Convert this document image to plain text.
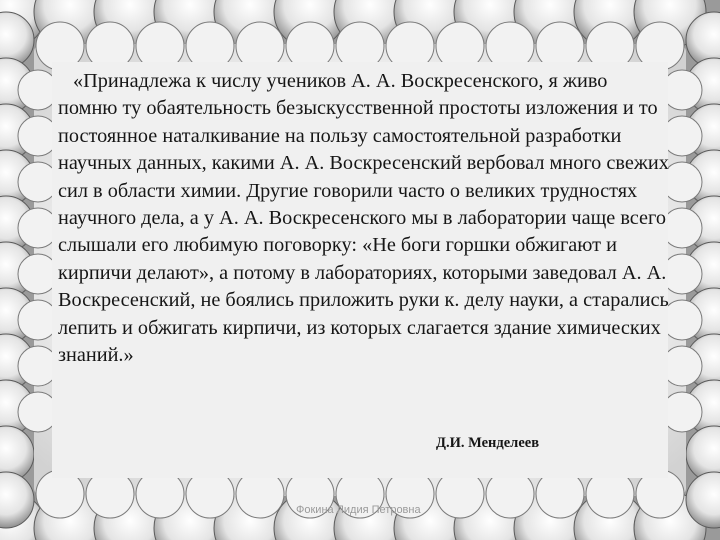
«Принадлежа к числу учеников А. А. Воскресенского, я живо помню ту обаятельность безыскусственной простоты изложения и то постоянное наталкивание на пользу самостоятельной разработки научных данных, какими А. А. Воскресенский вербовал много свежих сил в области химии. Другие говорили часто о великих трудностях научного дела, а у А. А. Воскресенского мы в лаборатории чаще всего слышали его любимую поговорку: «Не боги горшки обжигают и кирпичи делают», а потому в лабораториях, которыми заведовал А. А. Воскресенский, не боялись приложить руки к. делу науки, а старались лепить и обжигать кирпичи, из которых слагается здание химических знаний.»

Д.И. Менделеев

Фокина Лидия Петровна
